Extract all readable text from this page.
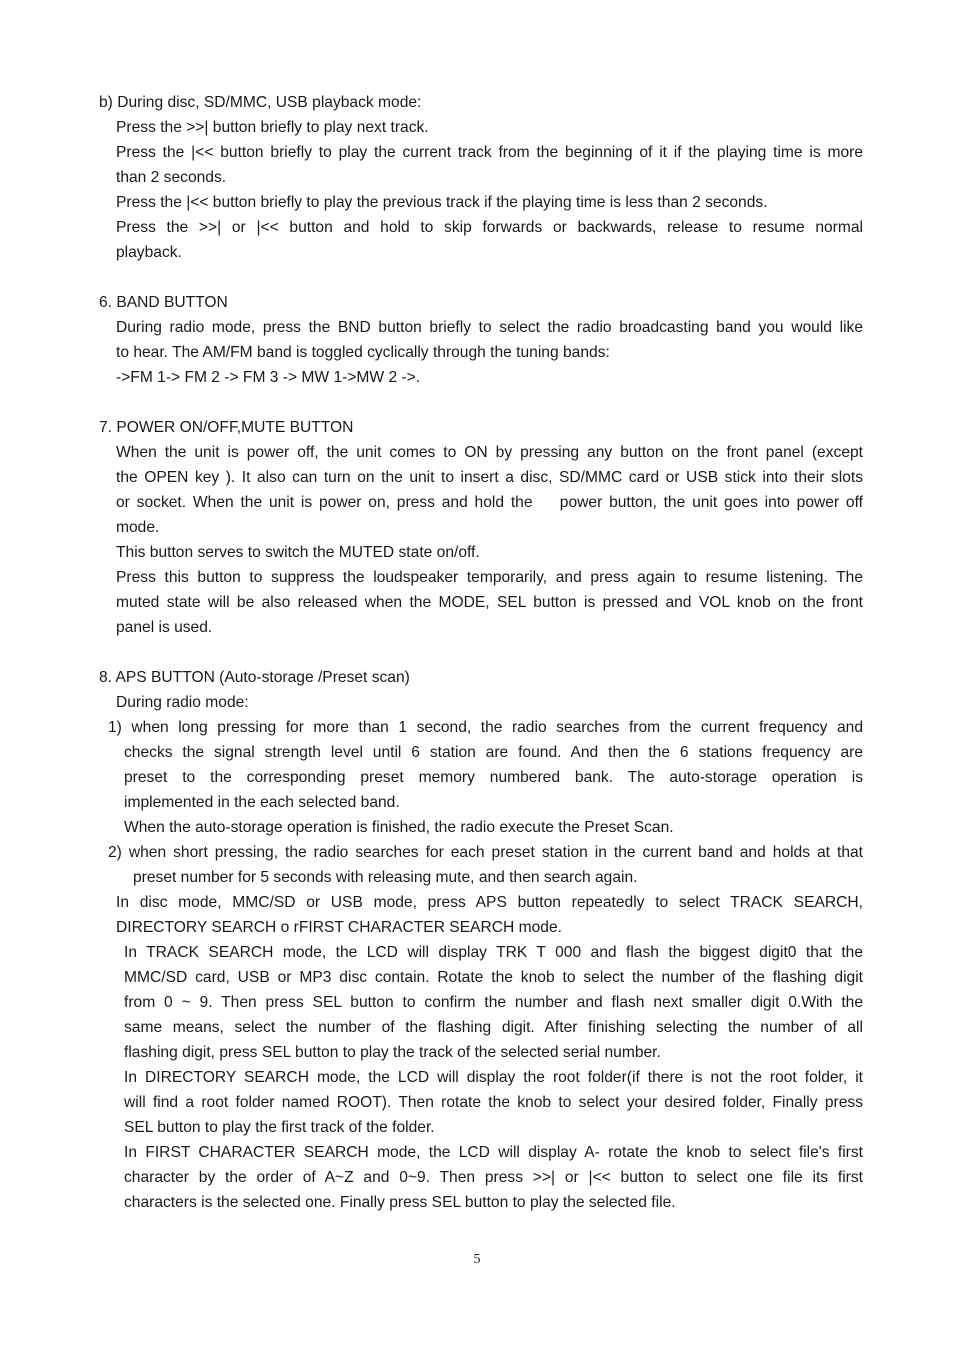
b) During disc, SD/MMC, USB playback mode:
Press the >>| button briefly to play next track.
Press the |<< button briefly to play the current track from the beginning of it if the playing time is more
than 2 seconds.
Press the |<< button briefly to play the previous track if the playing time is less than 2 seconds.
Press the >>| or |<< button and hold to skip forwards or backwards, release to resume normal
playback.
6. BAND BUTTON
During radio mode, press the BND button briefly to select the radio broadcasting band you would like
to hear. The AM/FM band is toggled cyclically through the tuning bands:
->FM 1-> FM 2 -> FM 3 -> MW 1->MW 2 ->.
7. POWER ON/OFF,MUTE BUTTON
When the unit is power off, the unit comes to ON by pressing any button on the front panel (except
the OPEN key ). It also can turn on the unit to insert a disc, SD/MMC card or USB stick into their slots
or socket. When the unit is power on, press and hold the    power button, the unit goes into power off
mode.
This button serves to switch the MUTED state on/off.
Press this button to suppress the loudspeaker temporarily, and press again to resume listening. The
muted state will be also released when the MODE, SEL button is pressed and VOL knob on the front
panel is used.
8. APS BUTTON (Auto-storage /Preset scan)
During radio mode:
1) when long pressing for more than 1 second, the radio searches from the current frequency and
checks the signal strength level until 6 station are found. And then the 6 stations frequency are
preset to the corresponding preset memory numbered bank. The auto-storage operation is
implemented in the each selected band.
When the auto-storage operation is finished, the radio execute the Preset Scan.
2) when short pressing, the radio searches for each preset station in the current band and holds at that
preset number for 5 seconds with releasing mute, and then search again.
In disc mode, MMC/SD or USB mode, press APS button repeatedly to select TRACK SEARCH,
DIRECTORY SEARCH o rFIRST CHARACTER SEARCH mode.
In TRACK SEARCH mode, the LCD will display TRK T 000 and flash the biggest digit0 that the
MMC/SD card, USB or MP3 disc contain. Rotate the knob to select the number of the flashing digit
from 0 ~ 9. Then press SEL button to confirm the number and flash next smaller digit 0.With the
same means, select the number of the flashing digit. After finishing selecting the number of all
flashing digit, press SEL button to play the track of the selected serial number.
In DIRECTORY SEARCH mode, the LCD will display the root folder(if there is not the root folder, it
will find a root folder named ROOT). Then rotate the knob to select your desired folder, Finally press
SEL button to play the first track of the folder.
In FIRST CHARACTER SEARCH mode, the LCD will display A- rotate the knob to select file's first
character by the order of A~Z and 0~9. Then press >>| or |<< button to select one file its first
characters is the selected one. Finally press SEL button to play the selected file.
5
